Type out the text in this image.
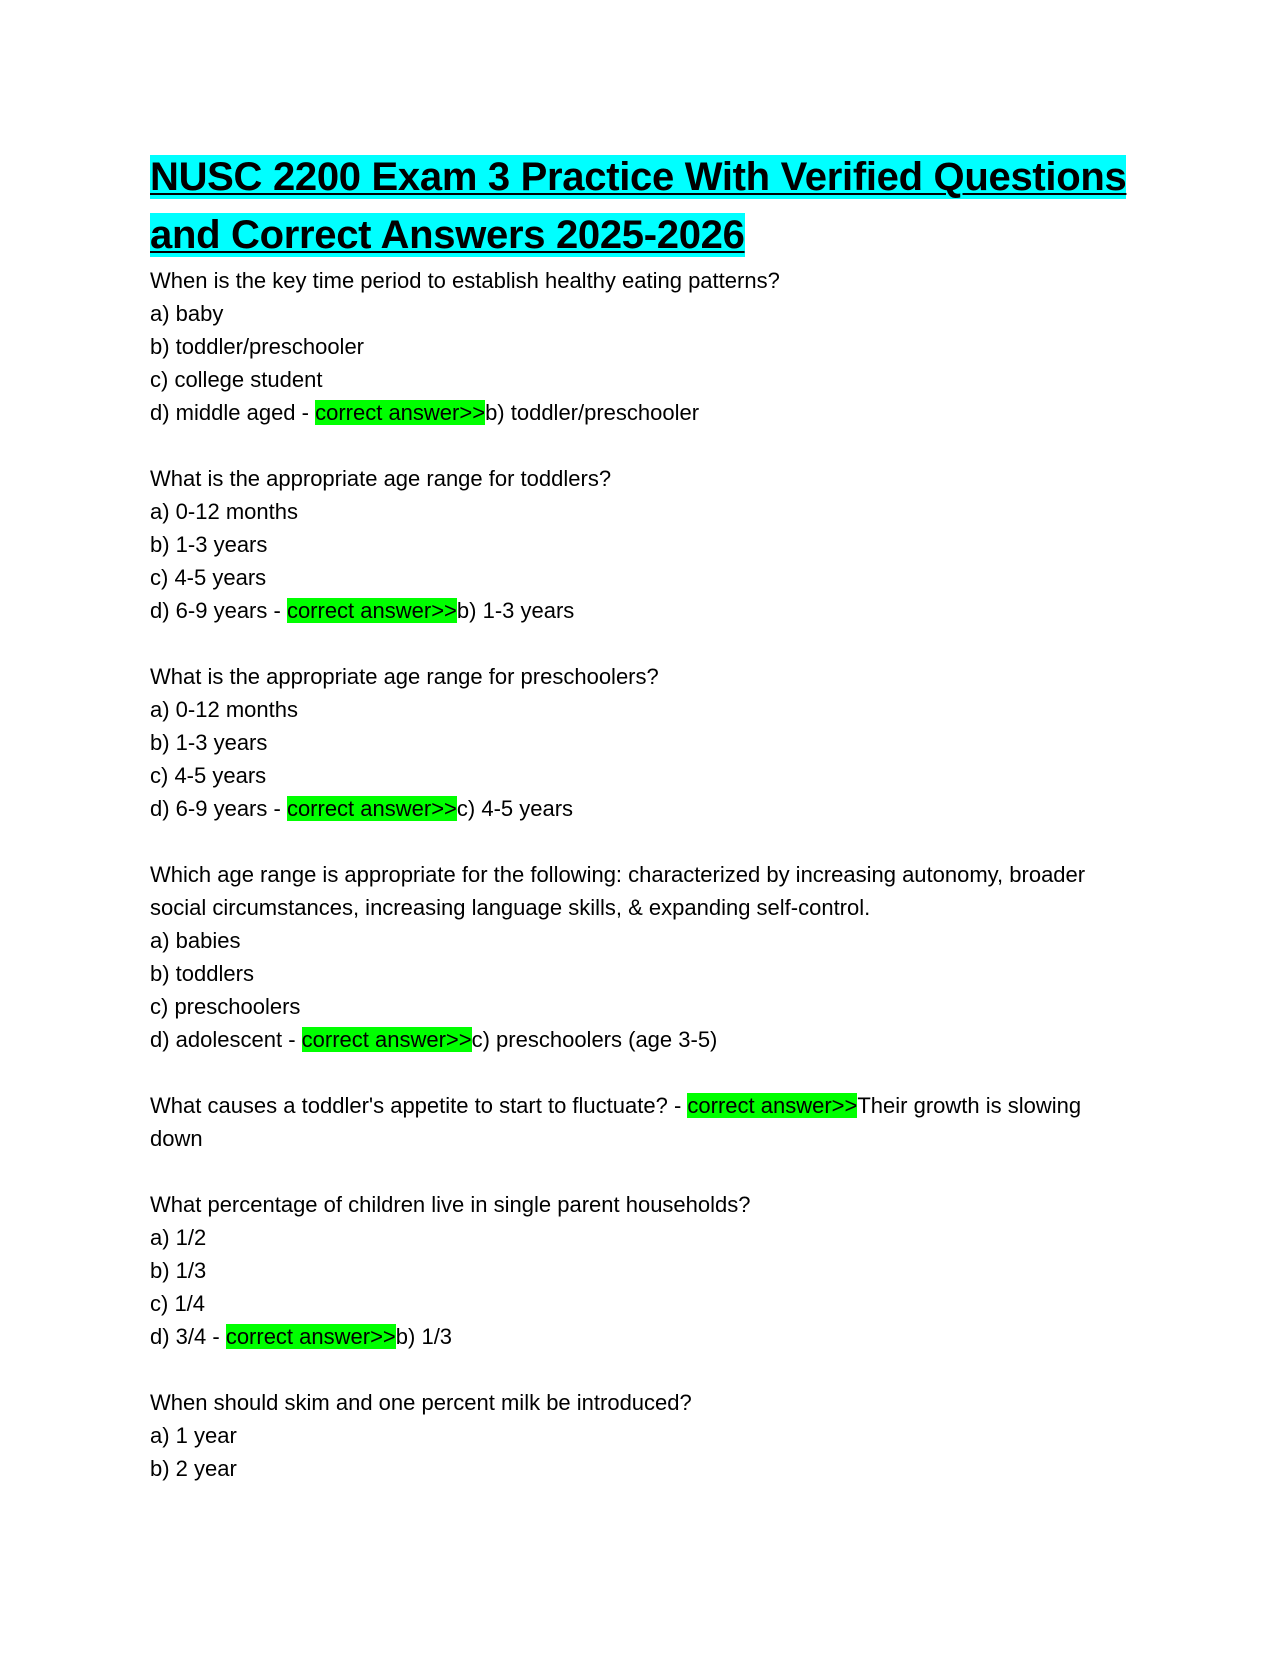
NUSC 2200 Exam 3 Practice With Verified Questions and Correct Answers 2025-2026
When is the key time period to establish healthy eating patterns?
a) baby
b) toddler/preschooler
c) college student
d) middle aged - correct answer>>b) toddler/preschooler
What is the appropriate age range for toddlers?
a) 0-12 months
b) 1-3 years
c) 4-5 years
d) 6-9 years - correct answer>>b) 1-3 years
What is the appropriate age range for preschoolers?
a) 0-12 months
b) 1-3 years
c) 4-5 years
d) 6-9 years - correct answer>>c) 4-5 years
Which age range is appropriate for the following: characterized by increasing autonomy, broader social circumstances, increasing language skills, & expanding self-control.
a) babies
b) toddlers
c) preschoolers
d) adolescent - correct answer>>c) preschoolers (age 3-5)
What causes a toddler's appetite to start to fluctuate? - correct answer>>Their growth is slowing down
What percentage of children live in single parent households?
a) 1/2
b) 1/3
c) 1/4
d) 3/4 - correct answer>>b) 1/3
When should skim and one percent milk be introduced?
a) 1 year
b) 2 year
